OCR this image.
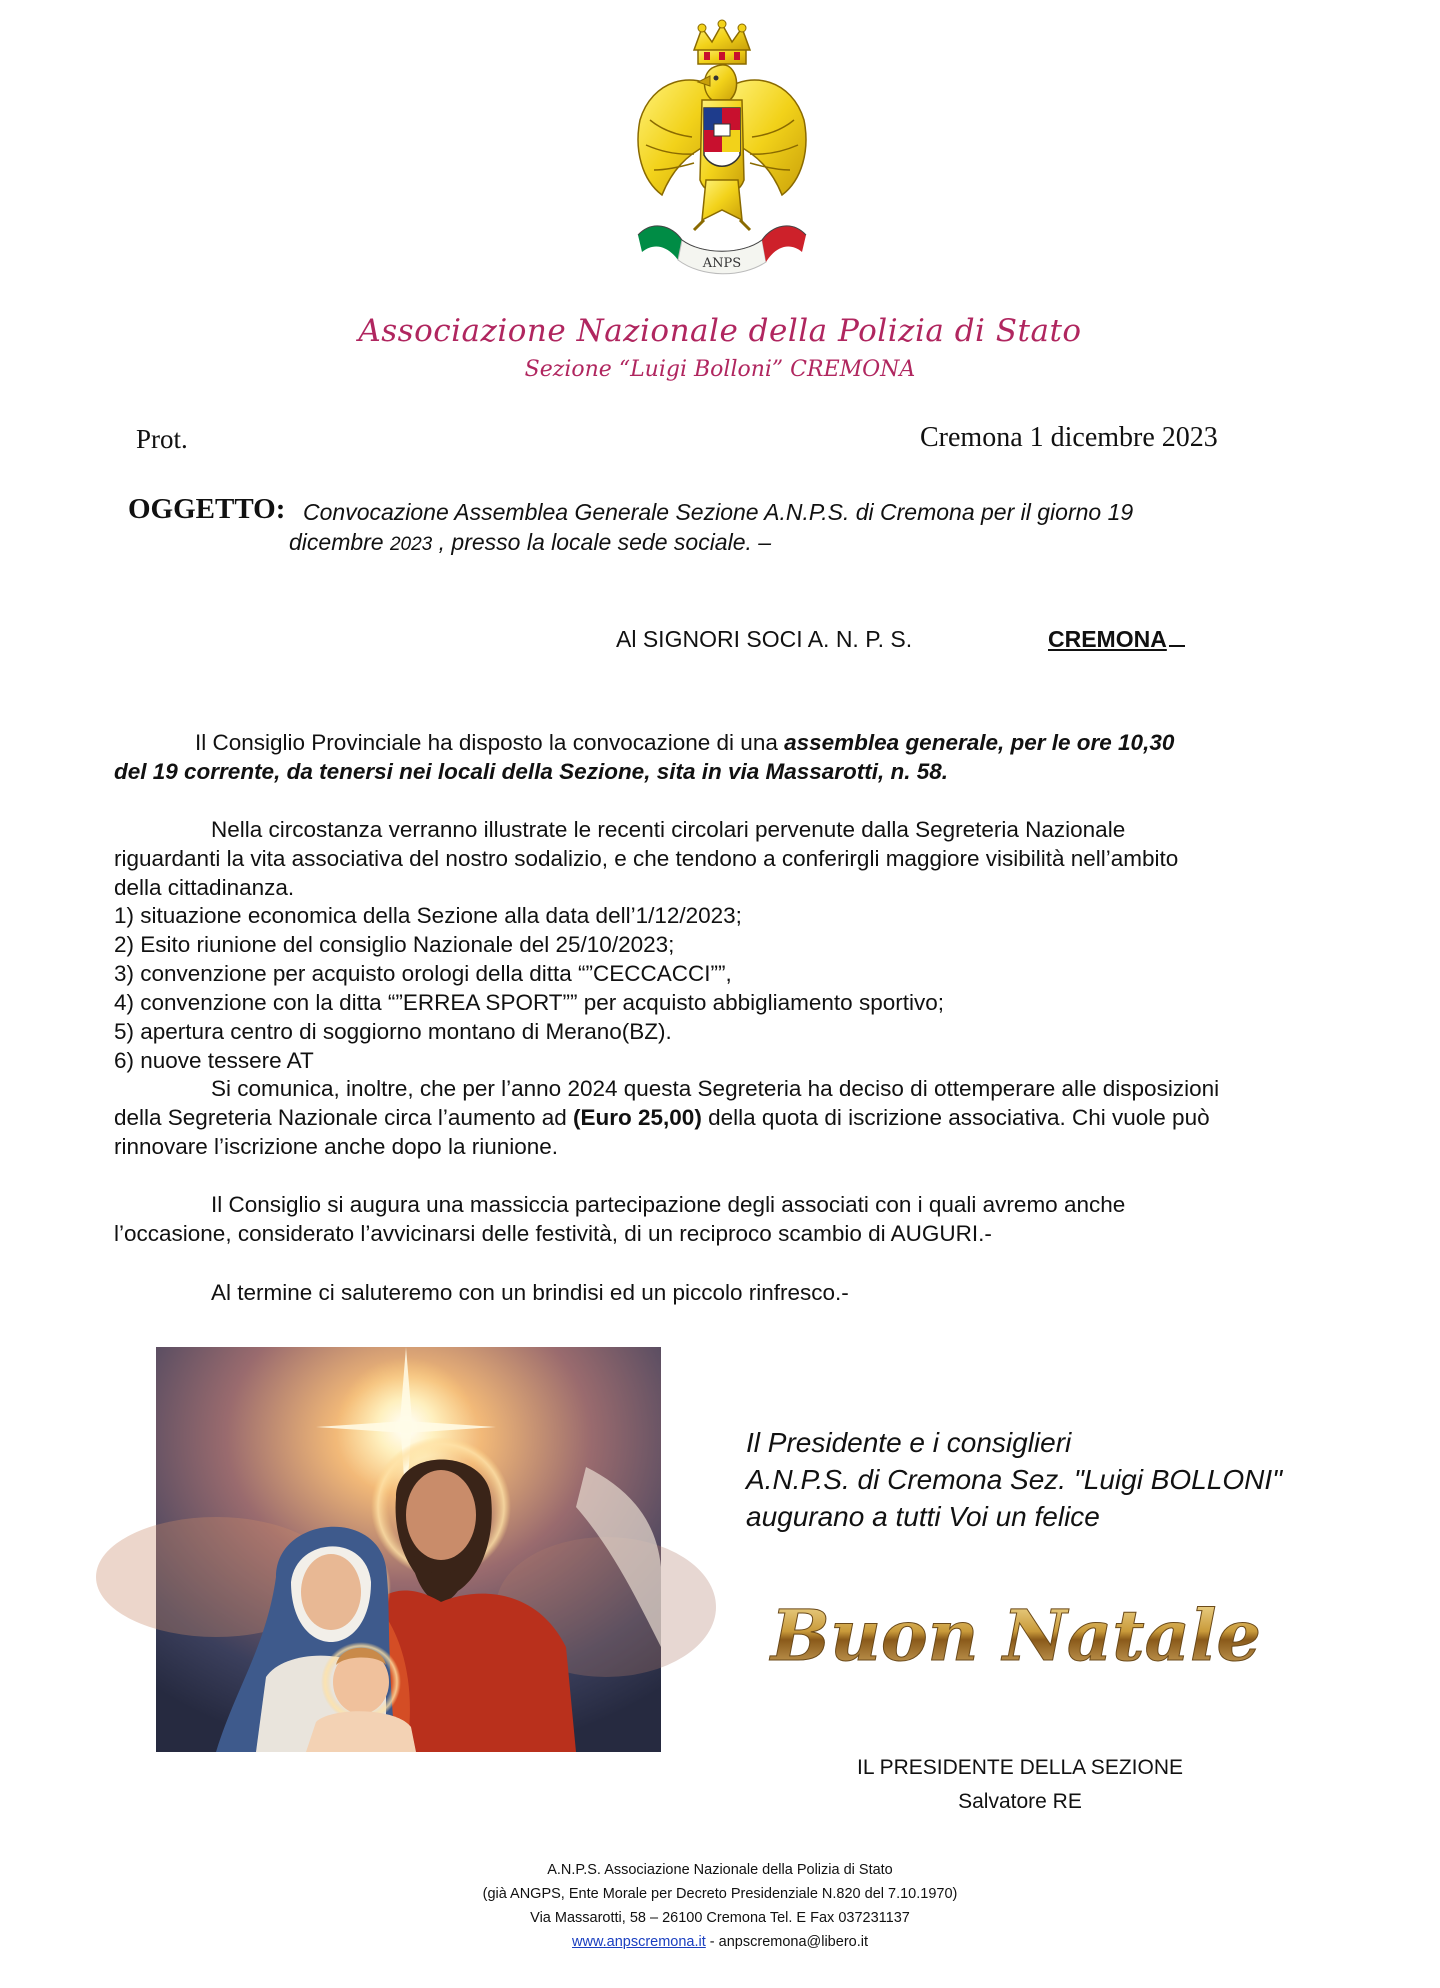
ANPS
Associazione Nazionale della Polizia di Stato
Sezione “Luigi Bolloni” CREMONA
Prot.	Cremona 1 dicembre 2023
OGGETTO: Convocazione Assemblea Generale Sezione A.N.P.S. di Cremona per il giorno 19
dicembre 2023 , presso la locale sede sociale. –
Al SIGNORI SOCI A. N. P. S.	CREMONA
Il Consiglio Provinciale ha disposto la convocazione di una assemblea generale, per le ore 10,30
del 19 corrente, da tenersi nei locali della Sezione, sita in via Massarotti, n. 58.
Nella circostanza verranno illustrate le recenti circolari pervenute dalla Segreteria Nazionale
riguardanti la vita associativa del nostro sodalizio, e che tendono a conferirgli maggiore visibilità nell’ambito
della cittadinanza.
1) situazione economica della Sezione alla data dell’1/12/2023;
2) Esito riunione del consiglio Nazionale del 25/10/2023;
3) convenzione per acquisto orologi della ditta “”CECCACCI””,
4) convenzione con la ditta “”ERREA SPORT”” per acquisto abbigliamento sportivo;
5) apertura centro di soggiorno montano di Merano(BZ).
6) nuove tessere AT
Si comunica, inoltre, che per l’anno 2024 questa Segreteria ha deciso di ottemperare alle disposizioni
della Segreteria Nazionale circa l’aumento ad (Euro 25,00) della quota di iscrizione associativa. Chi vuole può
rinnovare l’iscrizione anche dopo la riunione.
Il Consiglio si augura una massiccia partecipazione degli associati con i quali avremo anche
l’occasione, considerato l’avvicinarsi delle festività, di un reciproco scambio di AUGURI.-
Al termine ci saluteremo con un brindisi ed un piccolo rinfresco.-
Il Presidente e i consiglieri
A.N.P.S. di Cremona Sez. "Luigi BOLLONI"
augurano a tutti Voi un felice
Buon Natale
IL PRESIDENTE DELLA SEZIONE
Salvatore RE
A.N.P.S. Associazione Nazionale della Polizia di Stato
(già ANGPS, Ente Morale per Decreto Presidenziale N.820 del 7.10.1970)
Via Massarotti, 58 – 26100 Cremona Tel. E Fax 037231137
www.anpscremona.it - anpscremona@libero.it
